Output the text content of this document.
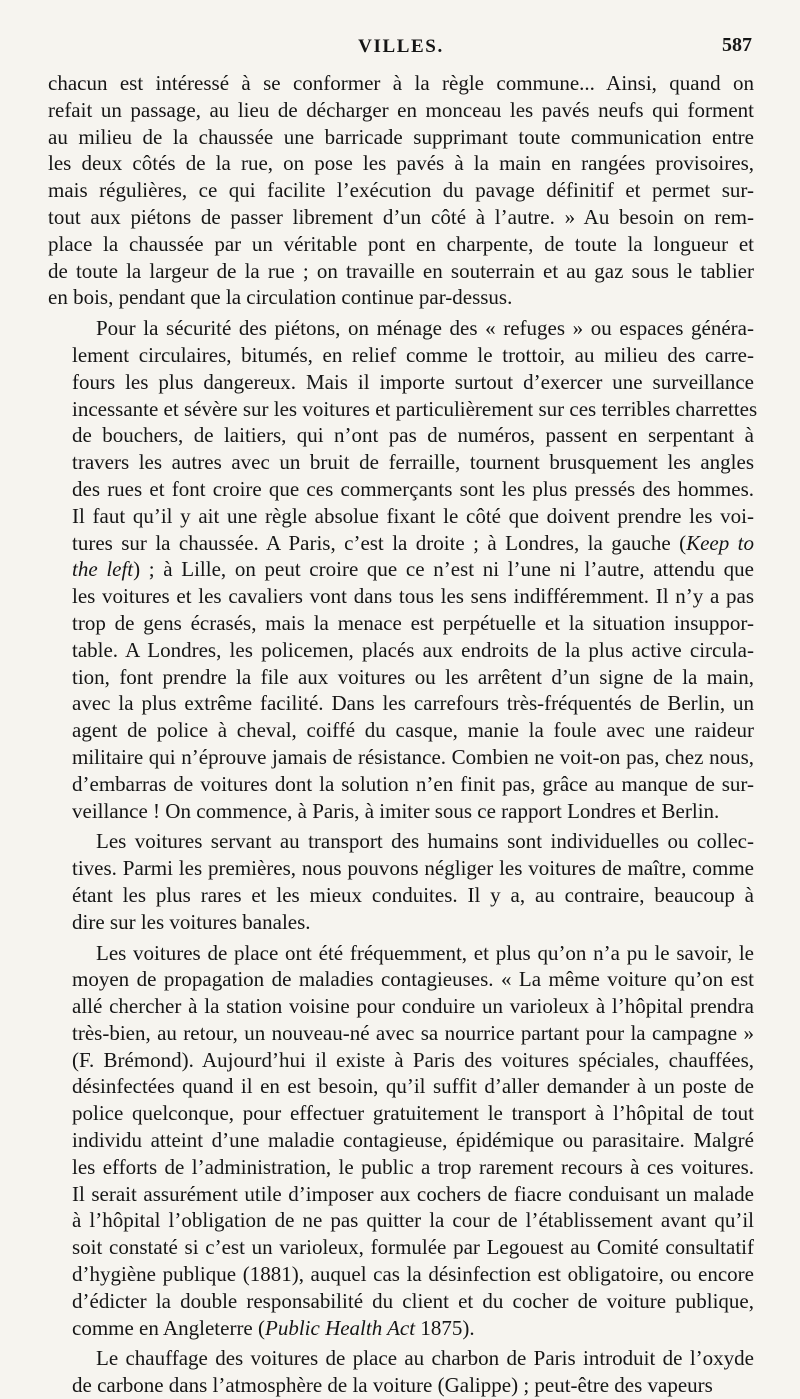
VILLES.	587
chacun est intéressé à se conformer à la règle commune... Ainsi, quand on
refait un passage, au lieu de décharger en monceau les pavés neufs qui forment
au milieu de la chaussée une barricade supprimant toute communication entre
les deux côtés de la rue, on pose les pavés à la main en rangées provisoires,
mais régulières, ce qui facilite l’exécution du pavage définitif et permet sur-
tout aux piétons de passer librement d’un côté à l’autre. » Au besoin on rem-
place la chaussée par un véritable pont en charpente, de toute la longueur et
de toute la largeur de la rue ; on travaille en souterrain et au gaz sous le tablier
en bois, pendant que la circulation continue par-dessus.
Pour la sécurité des piétons, on ménage des « refuges » ou espaces généra-
lement circulaires, bitumés, en relief comme le trottoir, au milieu des carre-
fours les plus dangereux. Mais il importe surtout d’exercer une surveillance
incessante et sévère sur les voitures et particulièrement sur ces terribles charrettes
de bouchers, de laitiers, qui n’ont pas de numéros, passent en serpentant à
travers les autres avec un bruit de ferraille, tournent brusquement les angles
des rues et font croire que ces commerçants sont les plus pressés des hommes.
Il faut qu’il y ait une règle absolue fixant le côté que doivent prendre les voi-
tures sur la chaussée. A Paris, c’est la droite ; à Londres, la gauche (Keep to
the left) ; à Lille, on peut croire que ce n’est ni l’une ni l’autre, attendu que
les voitures et les cavaliers vont dans tous les sens indifféremment. Il n’y a pas
trop de gens écrasés, mais la menace est perpétuelle et la situation insuppor-
table. A Londres, les policemen, placés aux endroits de la plus active circula-
tion, font prendre la file aux voitures ou les arrêtent d’un signe de la main,
avec la plus extrême facilité. Dans les carrefours très-fréquentés de Berlin, un
agent de police à cheval, coiffé du casque, manie la foule avec une raideur
militaire qui n’éprouve jamais de résistance. Combien ne voit-on pas, chez nous,
d’embarras de voitures dont la solution n’en finit pas, grâce au manque de sur-
veillance ! On commence, à Paris, à imiter sous ce rapport Londres et Berlin.
Les voitures servant au transport des humains sont individuelles ou collec-
tives. Parmi les premières, nous pouvons négliger les voitures de maître, comme
étant les plus rares et les mieux conduites. Il y a, au contraire, beaucoup à
dire sur les voitures banales.
Les voitures de place ont été fréquemment, et plus qu’on n’a pu le savoir, le
moyen de propagation de maladies contagieuses. « La même voiture qu’on est
allé chercher à la station voisine pour conduire un varioleux à l’hôpital prendra
très-bien, au retour, un nouveau-né avec sa nourrice partant pour la campagne »
(F. Brémond). Aujourd’hui il existe à Paris des voitures spéciales, chauffées,
désinfectées quand il en est besoin, qu’il suffit d’aller demander à un poste de
police quelconque, pour effectuer gratuitement le transport à l’hôpital de tout
individu atteint d’une maladie contagieuse, épidémique ou parasitaire. Malgré
les efforts de l’administration, le public a trop rarement recours à ces voitures.
Il serait assurément utile d’imposer aux cochers de fiacre conduisant un malade
à l’hôpital l’obligation de ne pas quitter la cour de l’établissement avant qu’il
soit constaté si c’est un varioleux, formulée par Legouest au Comité consultatif
d’hygiène publique (1881), auquel cas la désinfection est obligatoire, ou encore
d’édicter la double responsabilité du client et du cocher de voiture publique,
comme en Angleterre (Public Health Act 1875).
Le chauffage des voitures de place au charbon de Paris introduit de l’oxyde
de carbone dans l’atmosphère de la voiture (Galippe) ; peut-être des vapeurs
